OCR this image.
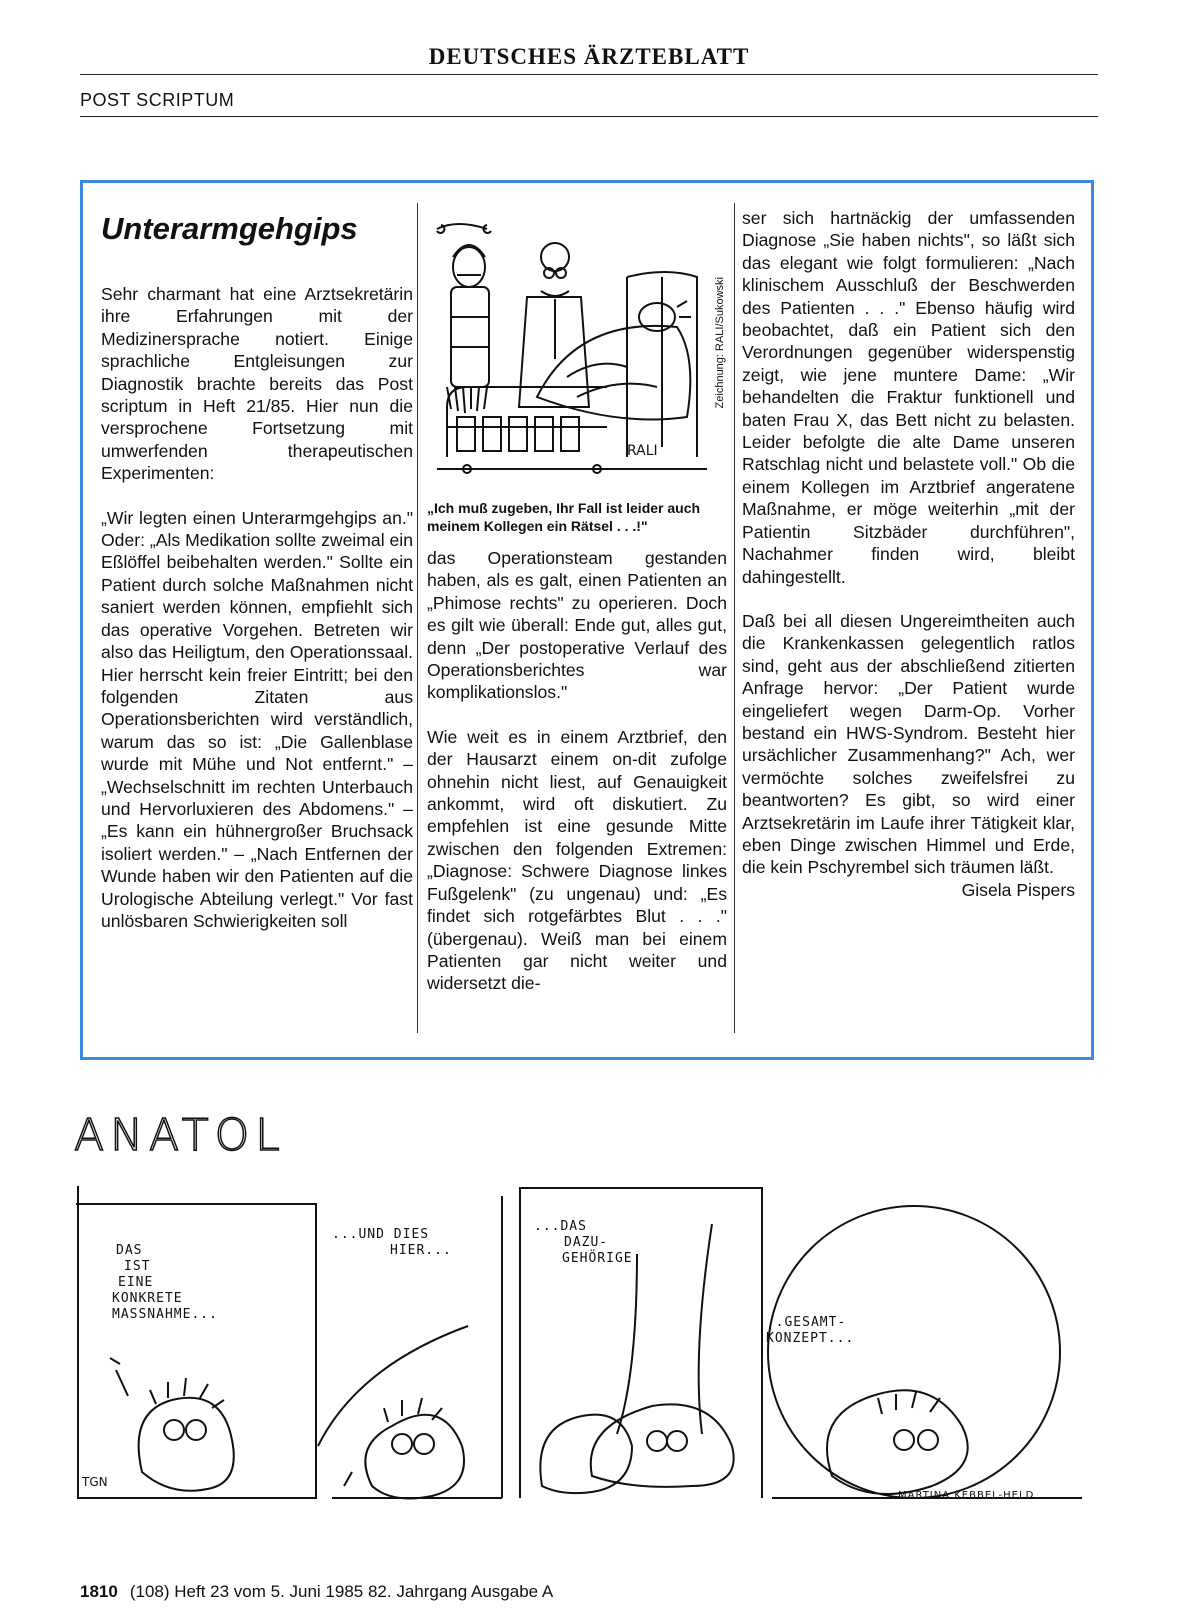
DEUTSCHES ÄRZTEBLATT
POST SCRIPTUM
Unterarmgehgips

Sehr charmant hat eine Arztsekretärin ihre Erfahrungen mit der Medizinersprache notiert. Einige sprachliche Entgleisungen zur Diagnostik brachte bereits das Post scriptum in Heft 21/85. Hier nun die versprochene Fortsetzung mit umwerfenden therapeutischen Experimenten:

„Wir legten einen Unterarmgehgips an." Oder: „Als Medikation sollte zweimal ein Eßlöffel beibehalten werden." Sollte ein Patient durch solche Maßnahmen nicht saniert werden können, empfiehlt sich das operative Vorgehen. Betreten wir also das Heiligtum, den Operationssaal. Hier herrscht kein freier Eintritt; bei den folgenden Zitaten aus Operationsberichten wird verständlich, warum das so ist: „Die Gallenblase wurde mit Mühe und Not entfernt." – „Wechselschnitt im rechten Unterbauch und Hervorluxieren des Abdomens." – „Es kann ein hühnergroßer Bruchsack isoliert werden." – „Nach Entfernen der Wunde haben wir den Patienten auf die Urologische Abteilung verlegt." Vor fast unlösbaren Schwierigkeiten soll

RALI
Zeichnung: RALI/Sukowski
„Ich muß zugeben, Ihr Fall ist leider auch meinem Kollegen ein Rätsel . . .!"

das Operationsteam gestanden haben, als es galt, einen Patienten an „Phimose rechts" zu operieren. Doch es gilt wie überall: Ende gut, alles gut, denn „Der postoperative Verlauf des Operationsberichtes war komplikationslos."

Wie weit es in einem Arztbrief, den der Hausarzt einem on-dit zufolge ohnehin nicht liest, auf Genauigkeit ankommt, wird oft diskutiert. Zu empfehlen ist eine gesunde Mitte zwischen den folgenden Extremen: „Diagnose: Schwere Diagnose linkes Fußgelenk" (zu ungenau) und: „Es findet sich rotgefärbtes Blut . . ." (übergenau). Weiß man bei einem Patienten gar nicht weiter und widersetzt die-

ser sich hartnäckig der umfassenden Diagnose „Sie haben nichts", so läßt sich das elegant wie folgt formulieren: „Nach klinischem Ausschluß der Beschwerden des Patienten . . ." Ebenso häufig wird beobachtet, daß ein Patient sich den Verordnungen gegenüber widerspenstig zeigt, wie jene muntere Dame: „Wir behandelten die Fraktur funktionell und baten Frau X, das Bett nicht zu belasten. Leider befolgte die alte Dame unseren Ratschlag nicht und belastete voll." Ob die einem Kollegen im Arztbrief angeratene Maßnahme, er möge weiterhin „mit der Patientin Sitzbäder durchführen", Nachahmer finden wird, bleibt dahingestellt.

Daß bei all diesen Ungereimtheiten auch die Krankenkassen gelegentlich ratlos sind, geht aus der abschließend zitierten Anfrage hervor: „Der Patient wurde eingeliefert wegen Darm-Op. Vorher bestand ein HWS-Syndrom. Besteht hier ursächlicher Zusammenhang?" Ach, wer vermöchte solches zweifelsfrei zu beantworten? Es gibt, so wird einer Arztsekretärin im Laufe ihrer Tätigkeit klar, eben Dinge zwischen Himmel und Erde, die kein Pschyrembel sich träumen läßt.
Gisela Pispers

ANATOL
DAS IST EINE KONKRETE MASSNAHME...
...UND DIES HIER...
...DAS DAZU- GEHÖRIGE
...GESAMT- KONZEPT...
TGN
MARTINA KEBBEL-HELD
1810 (108) Heft 23 vom 5. Juni 1985 82. Jahrgang Ausgabe A
